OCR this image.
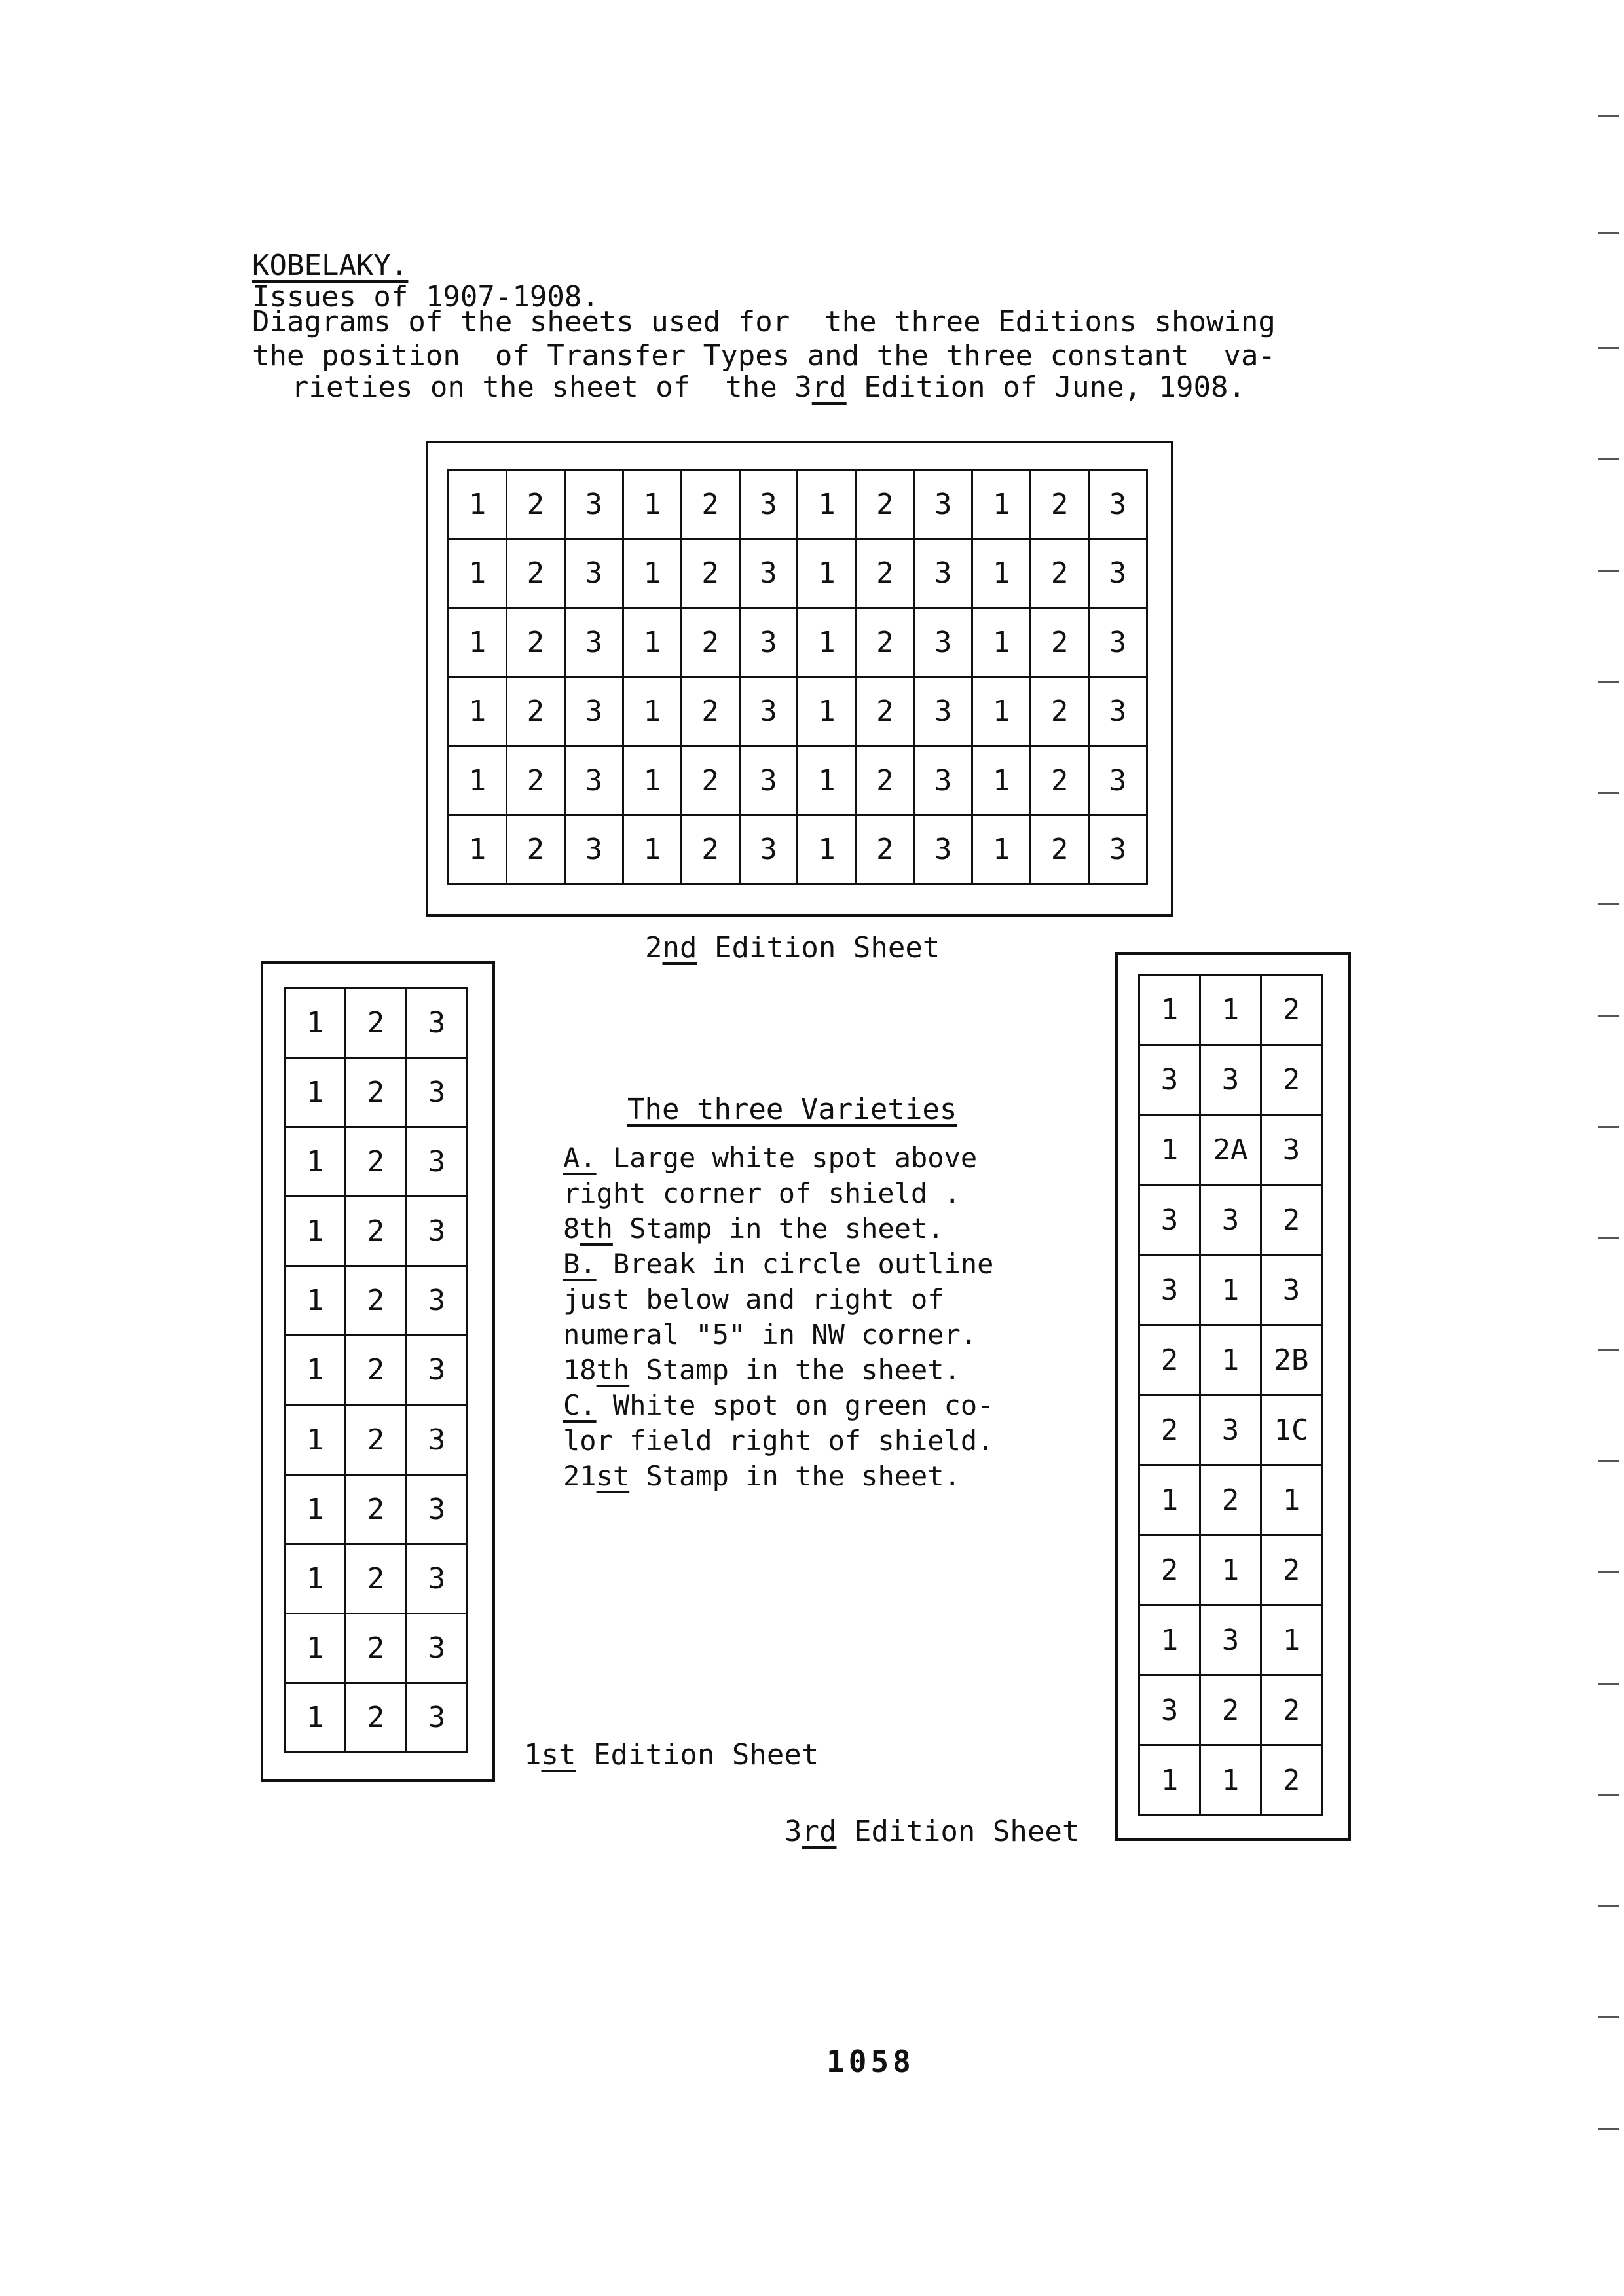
KOBELAKY.
Issues of 1907-1908.
Diagrams of the sheets used for  the three Editions showing
the position  of Transfer Types and the three constant  va-
rieties on the sheet of  the 3rd Edition of June, 1908.
1	2	3	1	2	3	1	2	3	1	2	3
1	2	3	1	2	3	1	2	3	1	2	3
1	2	3	1	2	3	1	2	3	1	2	3
1	2	3	1	2	3	1	2	3	1	2	3
1	2	3	1	2	3	1	2	3	1	2	3
1	2	3	1	2	3	1	2	3	1	2	3
2nd Edition Sheet
1	2	3
1	2	3
1	2	3
1	2	3
1	2	3
1	2	3
1	2	3
1	2	3
1	2	3
1	2	3
1	2	3
1st Edition Sheet
1	1	2
3	3	2
1	2A	3
3	3	2
3	1	3
2	1	2B
2	3	1C
1	2	1
2	1	2
1	3	1
3	2	2
1	1	2
3rd Edition Sheet
The three Varieties
A. Large white spot above
right corner of shield .
8th Stamp in the sheet.
B. Break in circle outline
just below and right of
numeral "5" in NW corner.
18th Stamp in the sheet.
C. White spot on green co-
lor field right of shield.
21st Stamp in the sheet.
1058
